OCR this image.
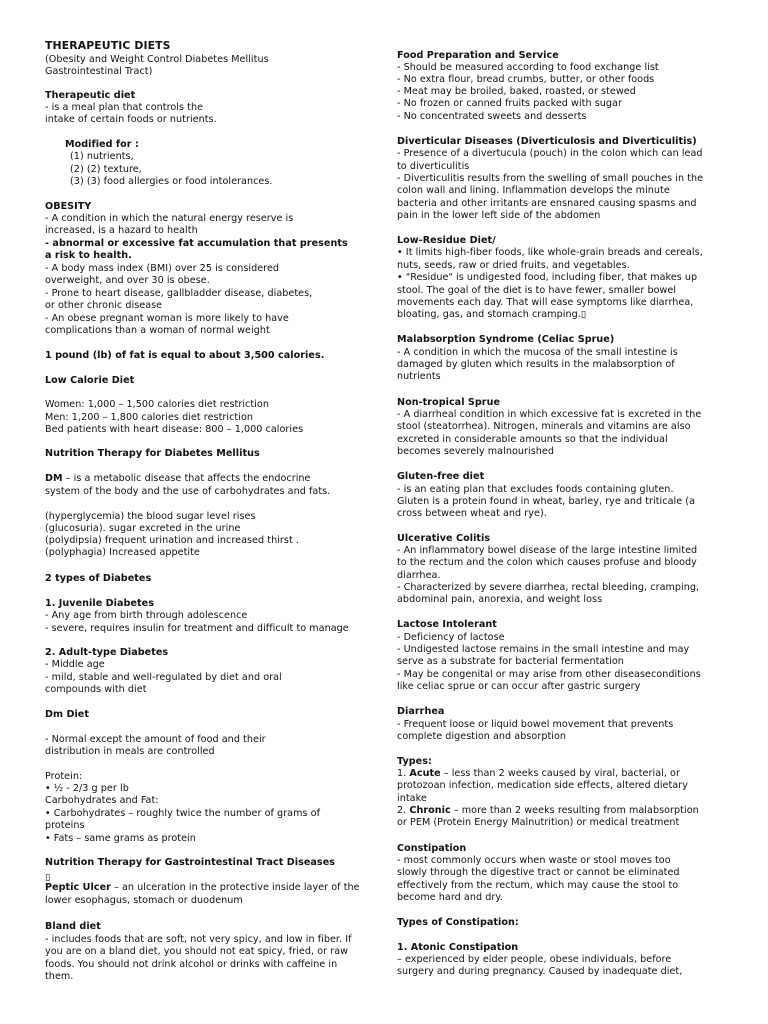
THERAPEUTIC DIETS
(Obesity and Weight Control Diabetes Mellitus
Gastrointestinal Tract)
Therapeutic diet
- is a meal plan that controls the
intake of certain foods or nutrients.
Modified for :
(1) nutrients,
(2) (2) texture,
(3) (3) food allergies or food intolerances.
OBESITY
- A condition in which the natural energy reserve is
increased, is a hazard to health
- abnormal or excessive fat accumulation that presents
a risk to health.
- A body mass index (BMI) over 25 is considered
overweight, and over 30 is obese.
- Prone to heart disease, gallbladder disease, diabetes,
or other chronic disease
- An obese pregnant woman is more likely to have
complications than a woman of normal weight
1 pound (lb) of fat is equal to about 3,500 calories.
Low Calorie Diet
Women: 1,000 – 1,500 calories diet restriction
Men: 1,200 – 1,800 calories diet restriction
Bed patients with heart disease: 800 – 1,000 calories
Nutrition Therapy for Diabetes Mellitus
DM – is a metabolic disease that affects the endocrine
system of the body and the use of carbohydrates and fats.
(hyperglycemia) the blood sugar level rises
(glucosuria). sugar excreted in the urine
(polydipsia) frequent urination and increased thirst .
(polyphagia) Increased appetite
2 types of Diabetes
1. Juvenile Diabetes
- Any age from birth through adolescence
- severe, requires insulin for treatment and difficult to manage
2. Adult-type Diabetes
- Middle age
- mild, stable and well-regulated by diet and oral
compounds with diet
Dm Diet
- Normal except the amount of food and their
distribution in meals are controlled
Protein:
• ½ - 2/3 g per lb
Carbohydrates and Fat:
• Carbohydrates – roughly twice the number of grams of
proteins
• Fats – same grams as protein
Nutrition Therapy for Gastrointestinal Tract Diseases
▯
Peptic Ulcer – an ulceration in the protective inside layer of the
lower esophagus, stomach or duodenum
Bland diet
- includes foods that are soft, not very spicy, and low in fiber. If
you are on a bland diet, you should not eat spicy, fried, or raw
foods. You should not drink alcohol or drinks with caffeine in
them.
Food Preparation and Service
- Should be measured according to food exchange list
- No extra flour, bread crumbs, butter, or other foods
- Meat may be broiled, baked, roasted, or stewed
- No frozen or canned fruits packed with sugar
- No concentrated sweets and desserts
Diverticular Diseases (Diverticulosis and Diverticulitis)
- Presence of a divertucula (pouch) in the colon which can lead
to diverticulitis
- Diverticulitis results from the swelling of small pouches in the
colon wall and lining. Inflammation develops the minute
bacteria and other irritants are ensnared causing spasms and
pain in the lower left side of the abdomen
Low-Residue Diet/
• It limits high-fiber foods, like whole-grain breads and cereals,
nuts, seeds, raw or dried fruits, and vegetables.
• "Residue" is undigested food, including fiber, that makes up
stool. The goal of the diet is to have fewer, smaller bowel
movements each day. That will ease symptoms like diarrhea,
bloating, gas, and stomach cramping.▯
Malabsorption Syndrome (Celiac Sprue)
- A condition in which the mucosa of the small intestine is
damaged by gluten which results in the malabsorption of
nutrients
Non-tropical Sprue
- A diarrheal condition in which excessive fat is excreted in the
stool (steatorrhea). Nitrogen, minerals and vitamins are also
excreted in considerable amounts so that the individual
becomes severely malnourished
Gluten-free diet
- is an eating plan that excludes foods containing gluten.
Gluten is a protein found in wheat, barley, rye and triticale (a
cross between wheat and rye).
Ulcerative Colitis
- An inflammatory bowel disease of the large intestine limited
to the rectum and the colon which causes profuse and bloody
diarrhea.
- Characterized by severe diarrhea, rectal bleeding, cramping,
abdominal pain, anorexia, and weight loss
Lactose Intolerant
- Deficiency of lactose
- Undigested lactose remains in the small intestine and may
serve as a substrate for bacterial fermentation
- May be congenital or may arise from other diseaseconditions
like celiac sprue or can occur after gastric surgery
Diarrhea
- Frequent loose or liquid bowel movement that prevents
complete digestion and absorption
Types:
1. Acute – less than 2 weeks caused by viral, bacterial, or
protozoan infection, medication side effects, altered dietary
intake
2. Chronic – more than 2 weeks resulting from malabsorption
or PEM (Protein Energy Malnutrition) or medical treatment
Constipation
- most commonly occurs when waste or stool moves too
slowly through the digestive tract or cannot be eliminated
effectively from the rectum, which may cause the stool to
become hard and dry.
Types of Constipation:
1. Atonic Constipation
– experienced by elder people, obese individuals, before
surgery and during pregnancy. Caused by inadequate diet,
